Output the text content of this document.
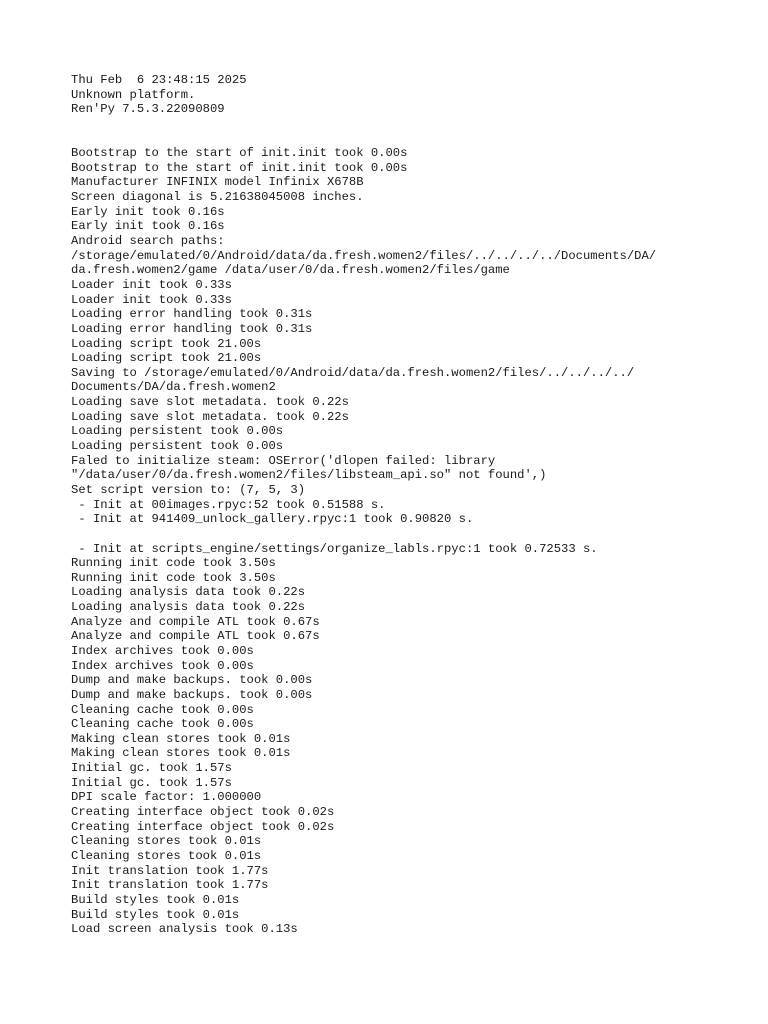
Thu Feb  6 23:48:15 2025
Unknown platform.
Ren'Py 7.5.3.22090809
Bootstrap to the start of init.init took 0.00s
Bootstrap to the start of init.init took 0.00s
Manufacturer INFINIX model Infinix X678B
Screen diagonal is 5.21638045008 inches.
Early init took 0.16s
Early init took 0.16s
Android search paths:
/storage/emulated/0/Android/data/da.fresh.women2/files/../../../../Documents/DA/
da.fresh.women2/game /data/user/0/da.fresh.women2/files/game
Loader init took 0.33s
Loader init took 0.33s
Loading error handling took 0.31s
Loading error handling took 0.31s
Loading script took 21.00s
Loading script took 21.00s
Saving to /storage/emulated/0/Android/data/da.fresh.women2/files/../../../../
Documents/DA/da.fresh.women2
Loading save slot metadata. took 0.22s
Loading save slot metadata. took 0.22s
Loading persistent took 0.00s
Loading persistent took 0.00s
Faled to initialize steam: OSError('dlopen failed: library
"/data/user/0/da.fresh.women2/files/libsteam_api.so" not found',)
Set script version to: (7, 5, 3)
- Init at 00images.rpyc:52 took 0.51588 s.
- Init at 941409_unlock_gallery.rpyc:1 took 0.90820 s.
- Init at scripts_engine/settings/organize_labls.rpyc:1 took 0.72533 s.
Running init code took 3.50s
Running init code took 3.50s
Loading analysis data took 0.22s
Loading analysis data took 0.22s
Analyze and compile ATL took 0.67s
Analyze and compile ATL took 0.67s
Index archives took 0.00s
Index archives took 0.00s
Dump and make backups. took 0.00s
Dump and make backups. took 0.00s
Cleaning cache took 0.00s
Cleaning cache took 0.00s
Making clean stores took 0.01s
Making clean stores took 0.01s
Initial gc. took 1.57s
Initial gc. took 1.57s
DPI scale factor: 1.000000
Creating interface object took 0.02s
Creating interface object took 0.02s
Cleaning stores took 0.01s
Cleaning stores took 0.01s
Init translation took 1.77s
Init translation took 1.77s
Build styles took 0.01s
Build styles took 0.01s
Load screen analysis took 0.13s
